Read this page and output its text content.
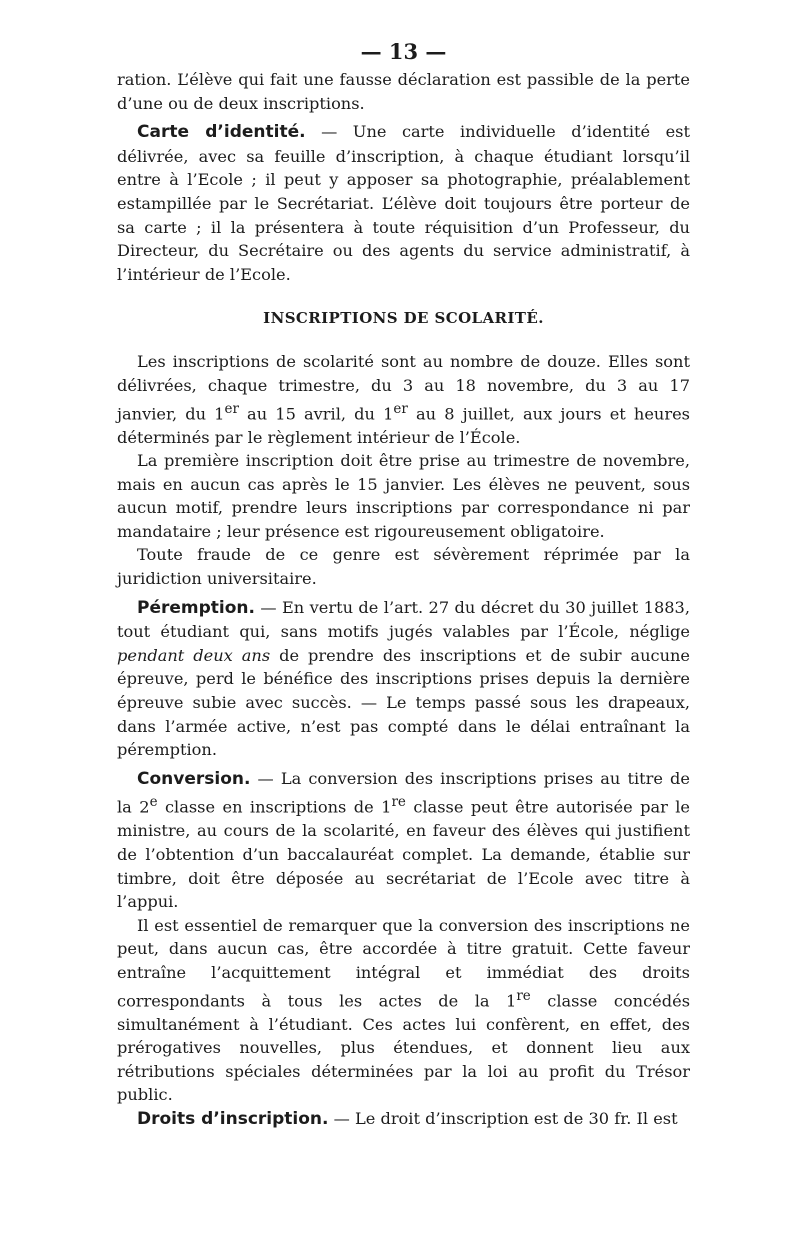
— 13 —

ration. L’élève qui fait une fausse déclaration est passible de la perte d’une ou de deux inscriptions.

Carte d’identité. — Une carte individuelle d’identité est délivrée, avec sa feuille d’inscription, à chaque étudiant lorsqu’il entre à l’Ecole ; il peut y apposer sa photographie, préalablement estampillée par le Secrétariat. L’élève doit toujours être porteur de sa carte ; il la présentera à toute réquisition d’un Professeur, du Directeur, du Secrétaire ou des agents du service administratif, à l’intérieur de l’Ecole.

INSCRIPTIONS DE SCOLARITÉ.

Les inscriptions de scolarité sont au nombre de douze. Elles sont délivrées, chaque trimestre, du 3 au 18 novembre, du 3 au 17 janvier, du 1er au 15 avril, du 1er au 8 juillet, aux jours et heures déterminés par le règlement intérieur de l’École.

La première inscription doit être prise au trimestre de novembre, mais en aucun cas après le 15 janvier. Les élèves ne peuvent, sous aucun motif, prendre leurs inscriptions par correspondance ni par mandataire ; leur présence est rigoureusement obligatoire.

Toute fraude de ce genre est sévèrement réprimée par la juridiction universitaire.

Péremption. — En vertu de l’art. 27 du décret du 30 juillet 1883, tout étudiant qui, sans motifs jugés valables par l’École, néglige pendant deux ans de prendre des inscriptions et de subir aucune épreuve, perd le bénéfice des inscriptions prises depuis la dernière épreuve subie avec succès. — Le temps passé sous les drapeaux, dans l’armée active, n’est pas compté dans le délai entraînant la péremption.

Conversion. — La conversion des inscriptions prises au titre de la 2e classe en inscriptions de 1re classe peut être autorisée par le ministre, au cours de la scolarité, en faveur des élèves qui justifient de l’obtention d’un baccalauréat complet. La demande, établie sur timbre, doit être déposée au secrétariat de l’Ecole avec titre à l’appui.

Il est essentiel de remarquer que la conversion des inscriptions ne peut, dans aucun cas, être accordée à titre gratuit. Cette faveur entraîne l’acquittement intégral et immédiat des droits correspondants à tous les actes de la 1re classe concédés simultanément à l’étudiant. Ces actes lui confèrent, en effet, des prérogatives nouvelles, plus étendues, et donnent lieu aux rétributions spéciales déterminées par la loi au profit du Trésor public.

Droits d’inscription. — Le droit d’inscription est de 30 fr. Il est
